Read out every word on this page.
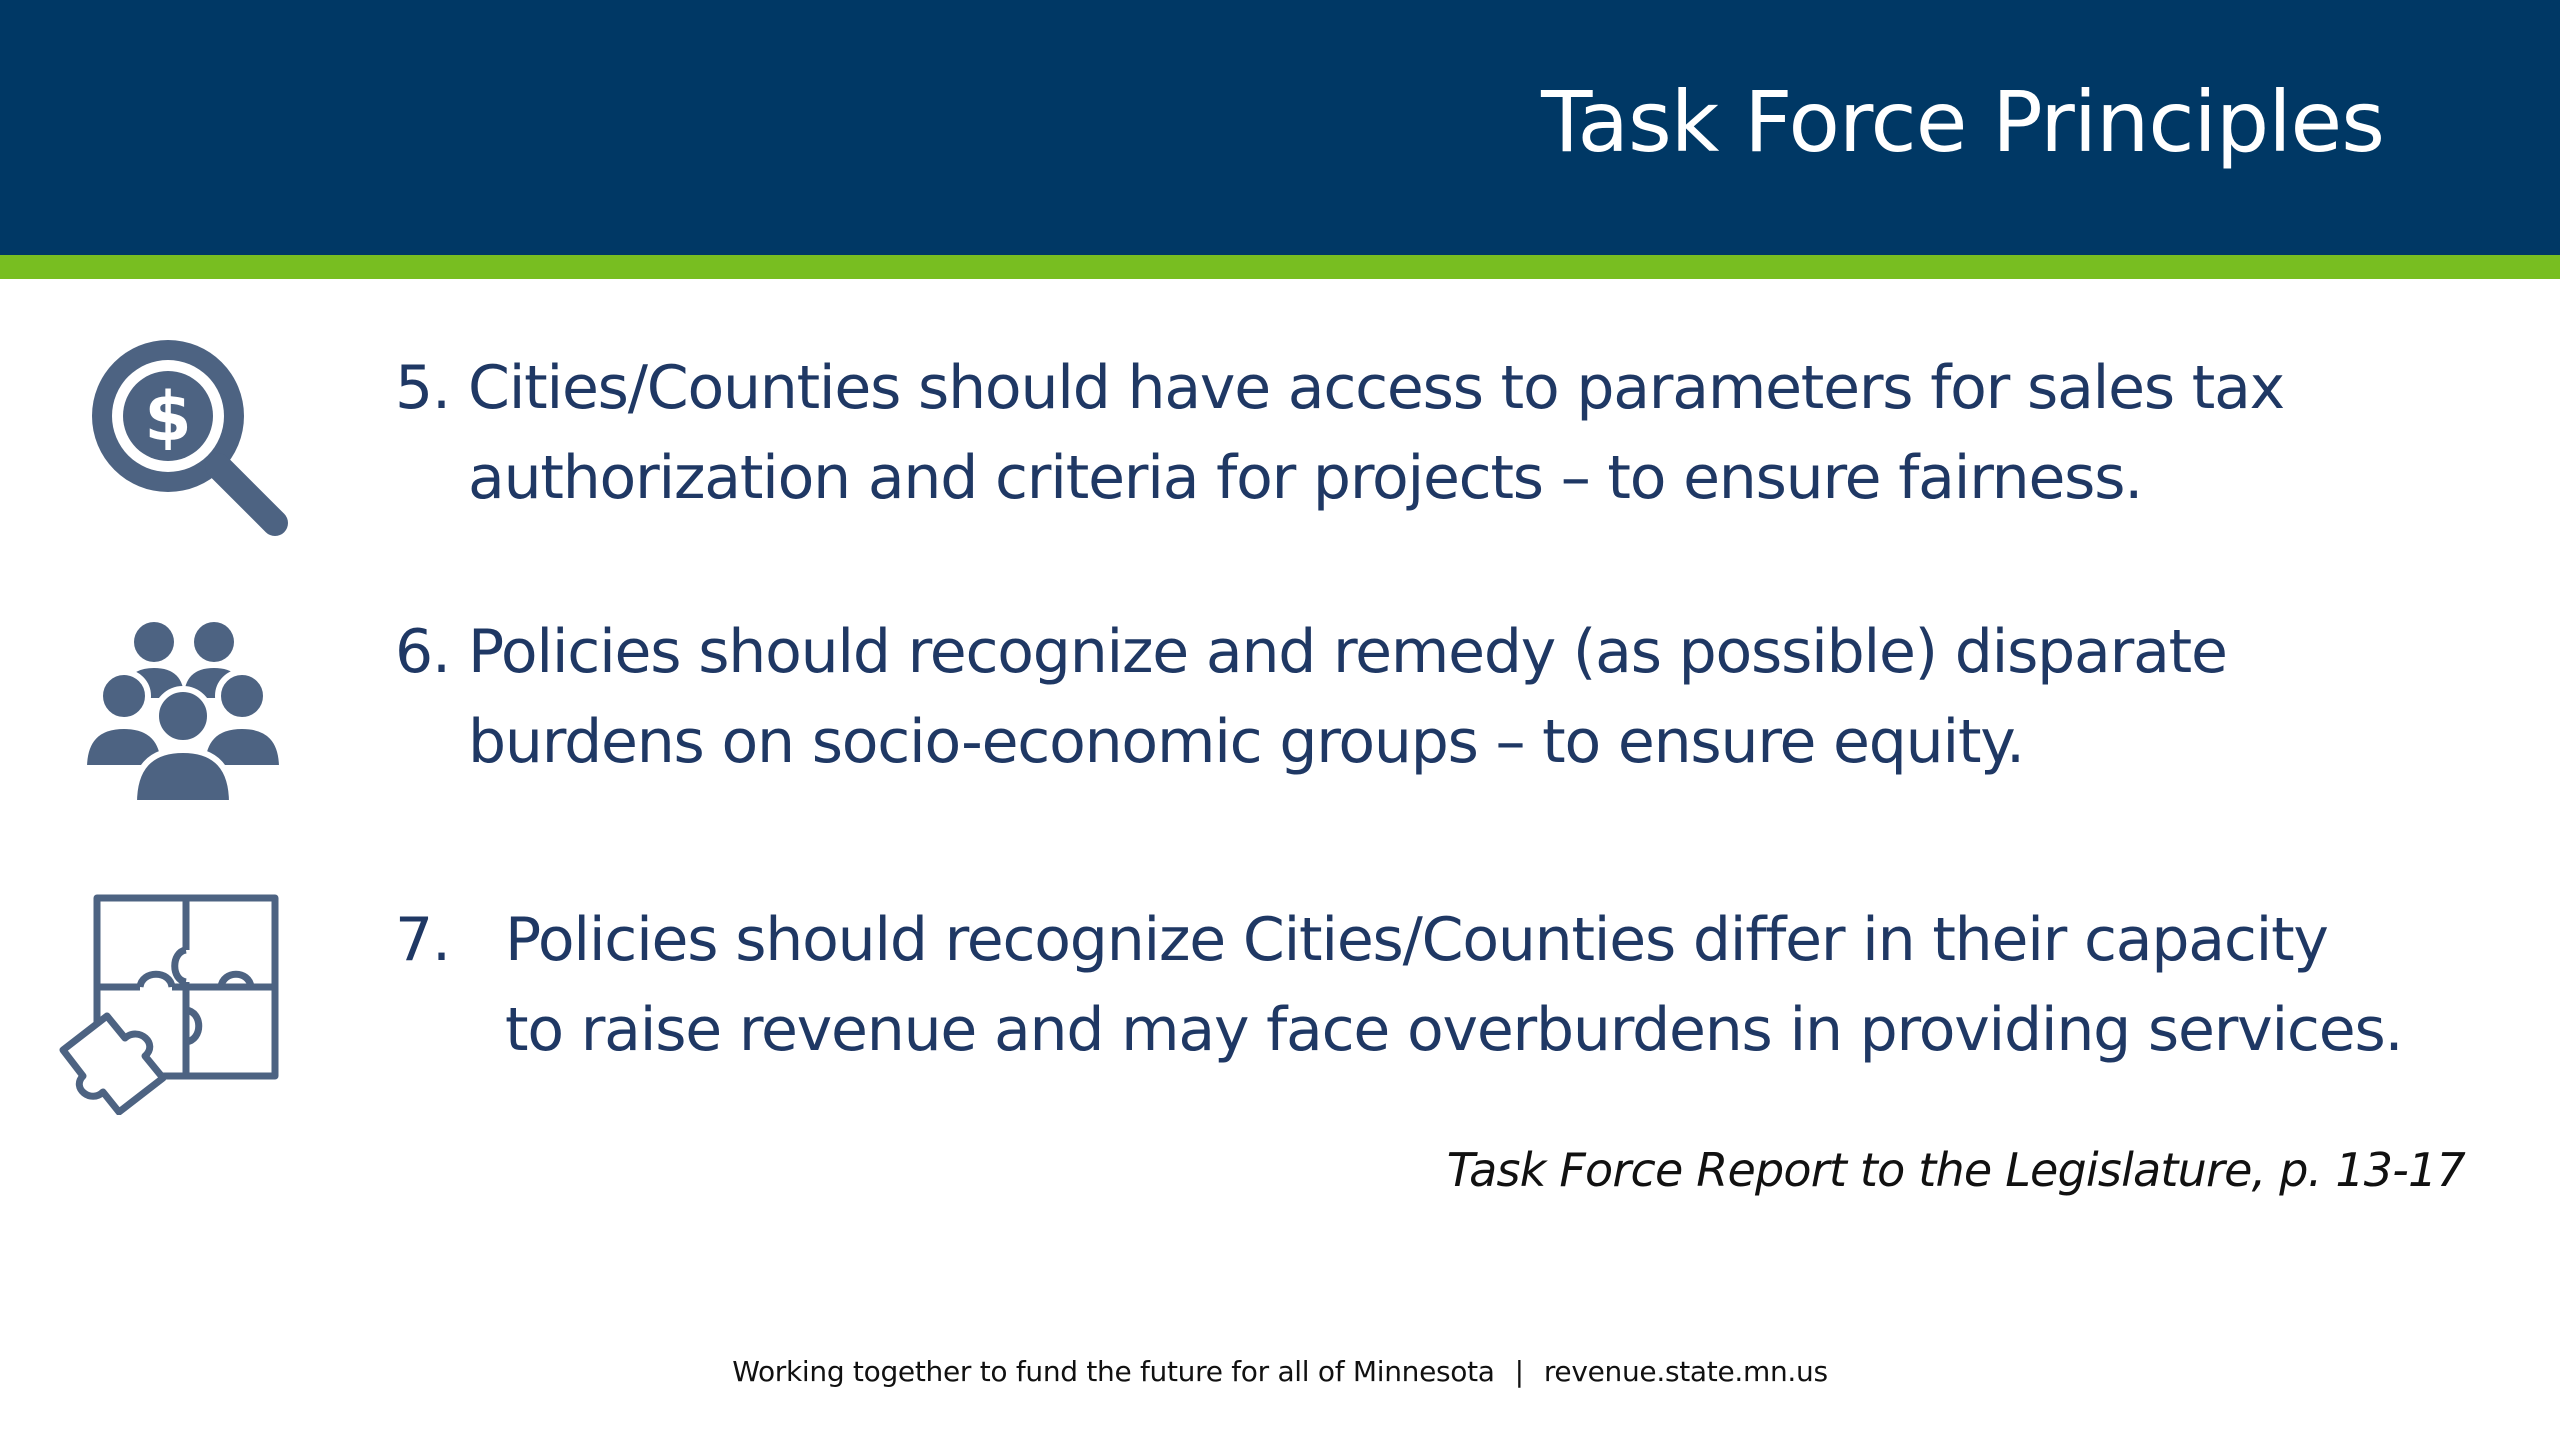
Task Force Principles
$	5. Cities/Counties should have access to parameters for sales tax
authorization and criteria for projects – to ensure fairness.
6. Policies should recognize and remedy (as possible) disparate
burdens on socio-economic groups – to ensure equity.
7. Policies should recognize Cities/Counties differ in their capacity
to raise revenue and may face overburdens in providing services.
Task Force Report to the Legislature, p. 13-17
Working together to fund the future for all of Minnesota | revenue.state.mn.us
